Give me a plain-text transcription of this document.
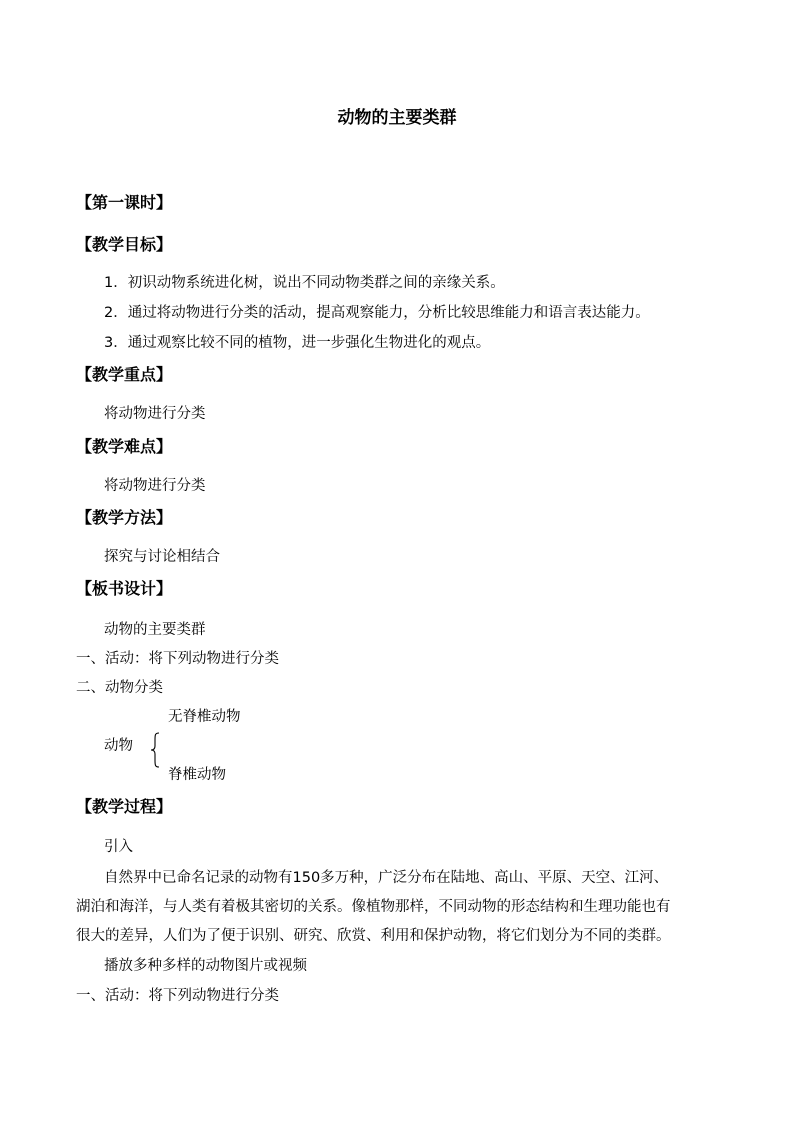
动物的主要类群
【第一课时】
【教学目标】
1．初识动物系统进化树，说出不同动物类群之间的亲缘关系。
2．通过将动物进行分类的活动，提高观察能力，分析比较思维能力和语言表达能力。
3．通过观察比较不同的植物，进一步强化生物进化的观点。
【教学重点】
将动物进行分类
【教学难点】
将动物进行分类
【教学方法】
探究与讨论相结合
【板书设计】
动物的主要类群
一、活动：将下列动物进行分类
二、动物分类
无脊椎动物
动物
脊椎动物
【教学过程】
引入
自然界中已命名记录的动物有150多万种，广泛分布在陆地、高山、平原、天空、江河、
湖泊和海洋，与人类有着极其密切的关系。像植物那样，不同动物的形态结构和生理功能也有
很大的差异，人们为了便于识别、研究、欣赏、利用和保护动物，将它们划分为不同的类群。
播放多种多样的动物图片或视频
一、活动：将下列动物进行分类
